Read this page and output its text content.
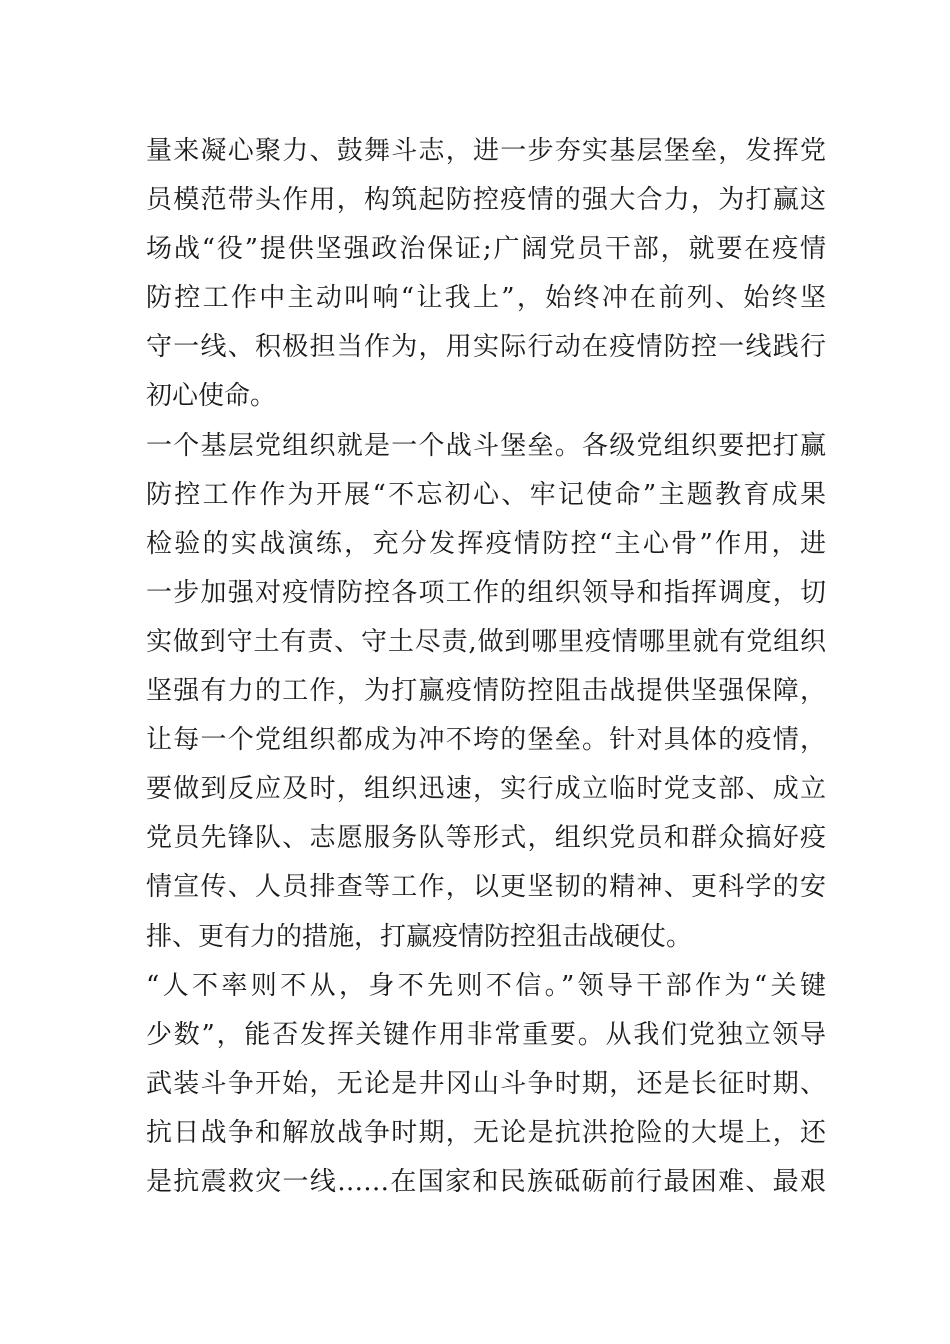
量来凝心聚力、鼓舞斗志，进一步夯实基层堡垒，发挥党
员模范带头作用，构筑起防控疫情的强大合力，为打赢这
场战“役”提供坚强政治保证;广阔党员干部，就要在疫情
防控工作中主动叫响“让我上”，始终冲在前列、始终坚
守一线、积极担当作为，用实际行动在疫情防控一线践行
初心使命。
一个基层党组织就是一个战斗堡垒。各级党组织要把打赢
防控工作作为开展“不忘初心、牢记使命”主题教育成果
检验的实战演练，充分发挥疫情防控“主心骨”作用，进
一步加强对疫情防控各项工作的组织领导和指挥调度，切
实做到守土有责、守土尽责,做到哪里疫情哪里就有党组织
坚强有力的工作，为打赢疫情防控阻击战提供坚强保障，
让每一个党组织都成为冲不垮的堡垒。针对具体的疫情，
要做到反应及时，组织迅速，实行成立临时党支部、成立
党员先锋队、志愿服务队等形式，组织党员和群众搞好疫
情宣传、人员排查等工作，以更坚韧的精神、更科学的安
排、更有力的措施，打赢疫情防控狙击战硬仗。
“人不率则不从，身不先则不信。”领导干部作为“关键
少数”，能否发挥关键作用非常重要。从我们党独立领导
武装斗争开始，无论是井冈山斗争时期，还是长征时期、
抗日战争和解放战争时期，无论是抗洪抢险的大堤上，还
是抗震救灾一线……在国家和民族砥砺前行最困难、最艰
